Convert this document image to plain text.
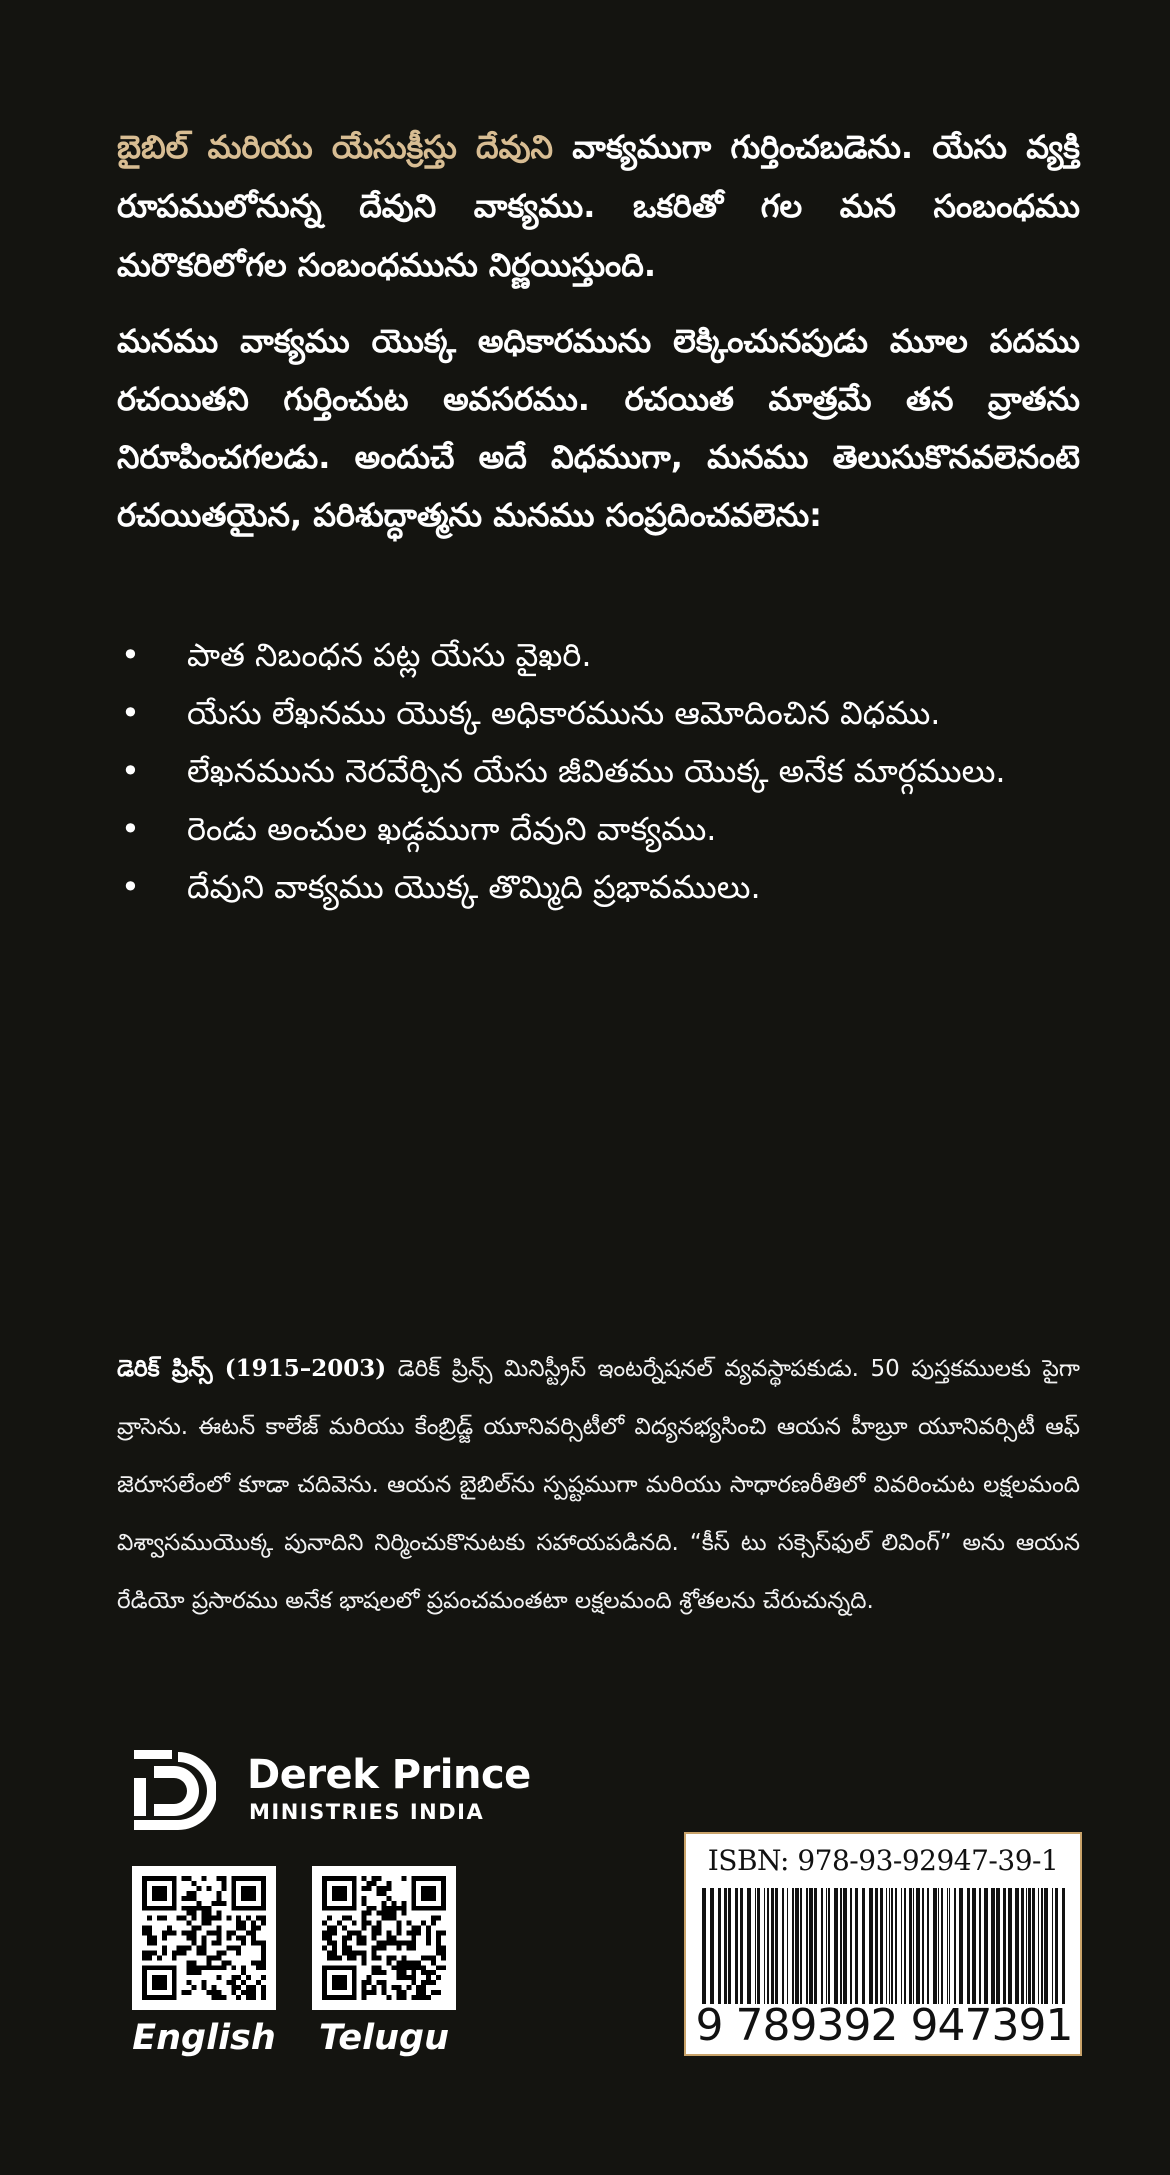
బైబిల్ మరియు యేసుక్రీస్తు దేవుని వాక్యముగా గుర్తించబడెను. యేసు వ్యక్తి రూపములోనున్న దేవుని వాక్యము. ఒకరితో గల మన సంబంధము మరొకరిలోగల సంబంధమును నిర్ణయిస్తుంది.

మనము వాక్యము యొక్క అధికారమును లెక్కించునపుడు మూల పదము రచయితని గుర్తించుట అవసరము. రచయిత మాత్రమే తన వ్రాతను నిరూపించగలడు. అందుచే అదే విధముగా, మనము తెలుసుకొనవలెనంటె రచయితయైన, పరిశుద్ధాత్మను మనము సంప్రదించవలెను:

• పాత నిబంధన పట్ల యేసు వైఖరి.
• యేసు లేఖనము యొక్క అధికారమును ఆమోదించిన విధము.
• లేఖనమును నెరవేర్చిన యేసు జీవితము యొక్క అనేక మార్గములు.
• రెండు అంచుల ఖడ్గముగా దేవుని వాక్యము.
• దేవుని వాక్యము యొక్క తొమ్మిది ప్రభావములు.

డెరిక్ ప్రిన్స్ (1915–2003) డెరిక్ ప్రిన్స్ మినిస్ట్రీస్ ఇంటర్నేషనల్ వ్యవస్థాపకుడు. 50 పుస్తకములకు పైగా వ్రాసెను. ఈటన్ కాలేజ్ మరియు కేంబ్రిడ్జ్ యూనివర్సిటీలో విద్యనభ్యసించి ఆయన హీబ్రూ యూనివర్సిటీ ఆఫ్ జెరూసలేంలో కూడా చదివెను. ఆయన బైబిల్‌ను స్పష్టముగా మరియు సాధారణరీతిలో వివరించుట లక్షలమంది విశ్వాసముయొక్క పునాదిని నిర్మించుకొనుటకు సహాయపడినది. “కీస్ టు సక్సెస్‌ఫుల్ లివింగ్” అను ఆయన రేడియో ప్రసారము అనేక భాషలలో ప్రపంచమంతటా లక్షలమంది శ్రోతలను చేరుచున్నది.

Derek Prince
MINISTRIES INDIA
English	Telugu
ISBN: 978-93-92947-39-1
9 789392 947391
